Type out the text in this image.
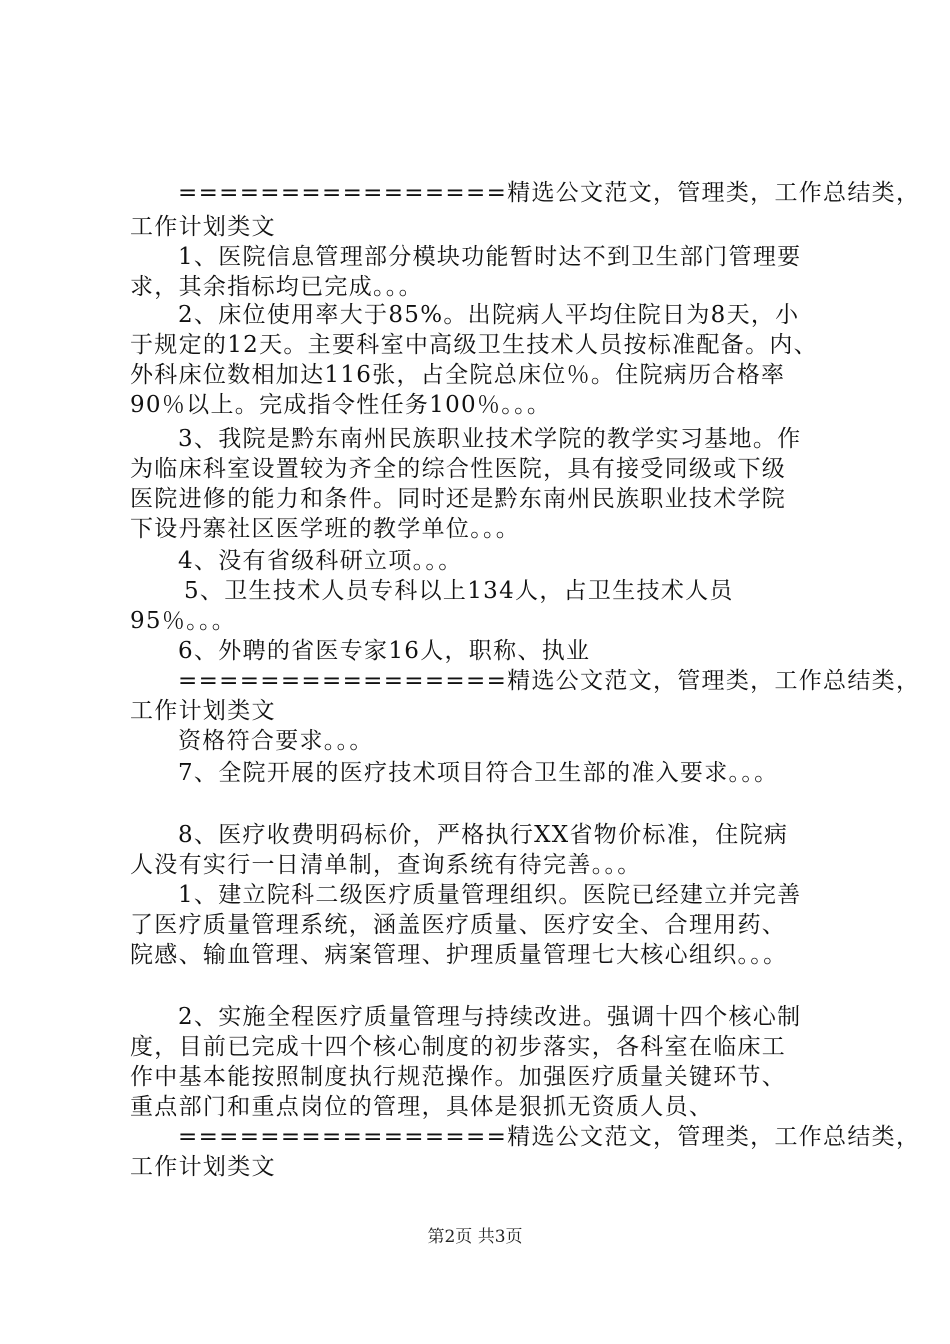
================精选公文范文，管理类，工作总结类，
工作计划类文
1、医院信息管理部分模块功能暂时达不到卫生部门管理要
求，其余指标均已完成。。。
2、床位使用率大于85%。出院病人平均住院日为8天，小
于规定的12天。主要科室中高级卫生技术人员按标准配备。内、
外科床位数相加达116张，占全院总床位％。住院病历合格率
90％以上。完成指令性任务100％。。。
3、我院是黔东南州民族职业技术学院的教学实习基地。作
为临床科室设置较为齐全的综合性医院，具有接受同级或下级
医院进修的能力和条件。同时还是黔东南州民族职业技术学院
下设丹寨社区医学班的教学单位。。。
4、没有省级科研立项。。。
5、卫生技术人员专科以上134人，占卫生技术人员
95％。。。
6、外聘的省医专家16人，职称、执业
================精选公文范文，管理类，工作总结类，
工作计划类文
资格符合要求。。。
7、全院开展的医疗技术项目符合卫生部的准入要求。。。
8、医疗收费明码标价，严格执行XX省物价标准，住院病
人没有实行一日清单制，查询系统有待完善。。。
1、建立院科二级医疗质量管理组织。医院已经建立并完善
了医疗质量管理系统，涵盖医疗质量、医疗安全、合理用药、
院感、输血管理、病案管理、护理质量管理七大核心组织。。。
2、实施全程医疗质量管理与持续改进。强调十四个核心制
度，目前已完成十四个核心制度的初步落实，各科室在临床工
作中基本能按照制度执行规范操作。加强医疗质量关键环节、
重点部门和重点岗位的管理，具体是狠抓无资质人员、
================精选公文范文，管理类，工作总结类，
工作计划类文
第2页 共3页
